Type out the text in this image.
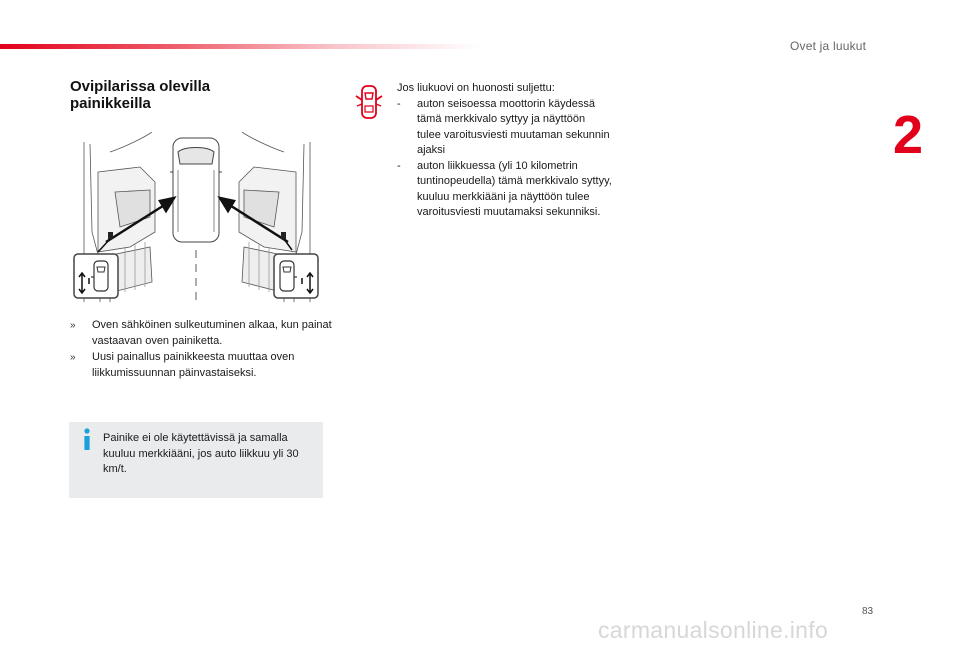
Ovet ja luukut
2
Ovipilarissa olevilla
painikkeilla
»	Oven sähköinen sulkeutuminen alkaa, kun painat vastaavan oven painiketta.
»	Uusi painallus painikkeesta muuttaa oven liikkumissuunnan päinvastaiseksi.
Painike ei ole käytettävissä ja samalla kuuluu merkkiääni, jos auto liikkuu yli 30 km/t.
Jos liukuovi on huonosti suljettu:
-	auton seisoessa moottorin käydessä tämä merkkivalo syttyy ja näyttöön tulee varoitusviesti muutaman sekunnin ajaksi
-	auton liikkuessa (yli 10 kilometrin tuntinopeudella) tämä merkkivalo syttyy, kuuluu merkkiääni ja näyttöön tulee varoitusviesti muutamaksi sekunniksi.
83
carmanualsonline.info
